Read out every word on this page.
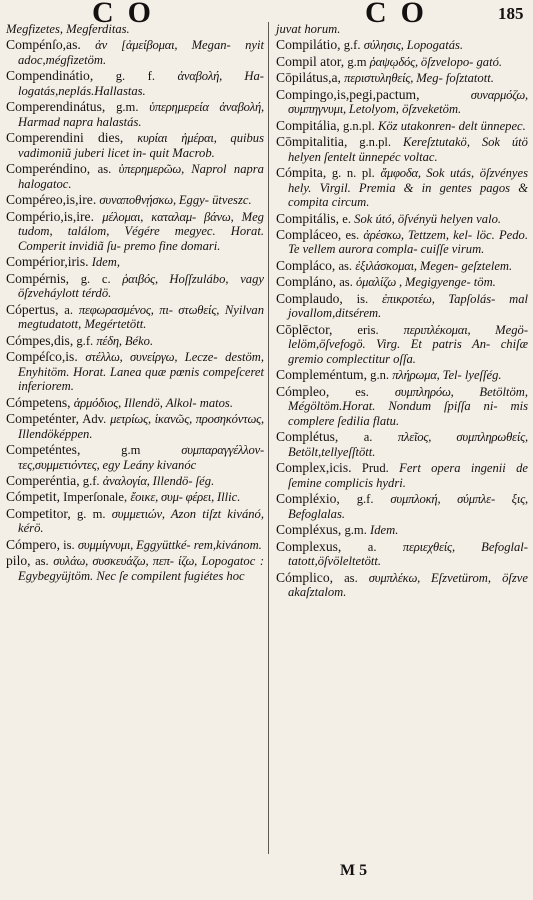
CO	CO	185
Megfizetes, Megferditas.
Compénſo,as. ἀν [ἀμείβομαι, Megan- nyit adoc,mégfizetöm.
Compendinátio, g. f. ἀναβολή, Ha- logatás,neplás.Hallastas.
Comperendinátus, g.m. ὑπερημερεία ἀναβολή, Harmad napra halastás.
Comperendini dies, κυρίαι ἡμέραι, quibus vadimoniũ juberi licet in- quit Macrob.
Comperéndino, as. ὑπερημερῶω, Naprol napra halogatoc.
Compéreo,is,ire. συναποθνῄσκω, Eggy- ütveszc.
Compério,is,ire. μέλομαι, καταλαμ- βάνω, Meg tudom, találom, Végére megyec. Horat. Comperit invidiã ſu- premo fine domari.
Compérior,iris. Idem,
Compérnis, g. c. ῥαιβός, Hoſſzulábo, vagy öſzveháylott térdö.
Cópertus, a. πεφωρασμένος, πι- στωθείς, Nyilvan megtudatott, Megértetött.
Cómpes,dis, g.f. πέδη, Béko.
Compéſco,is. στέλλω, συνείργω, Lecze- destöm, Enyhitöm. Horat. Lanea quæ pœnis compeſceret inferiorem.
Cómpetens, ἁρμόδιος, Illendö, Alkol- matos.
Competénter, Adv. μετρίως, ἱκανῶς, προσηκόντως, Illendöképpen.
Competéntes,	g.m	συμπαραγγέλλον- τες,συμμετιόντες, egy Leány kivanóc
Comperéntia, g.f. ἀναλογία, Illendö- ſég.
Cómpetit, Imperſonale, ἔοικε, συμ- φέρει, Illic.
Competitor, g. m. συμμετιών, Azon tiſzt kivánó, kérö.
Cómpero, is. συμμίγνυμι, Eggyüttké- rem,kivánom.
pilo, as. συλάω, συσκευάζω, πεπ- ίζω, Lopogatoc : Egybegyüjtöm. Nec ſe compilent fugiétes hoc
juvat horum.
Compilátio, g.f. σύλησις, Lopogatás.
Compil ator, g.m ῥαψῳδός, öſzvelopo- gató.
Cōpilátus,a, περιστυληθείς, Meg- foſztatott.
Compingo,is,pegi,pactum,	συναρμόζω, συμπηγνυμι, Letolyom, öſzveketöm.
Compitália, g.n.pl. Köz utakonren- delt ünnepec.
Cōmpitalitia, g.n.pl. Kereſztutakö, Sok útö helyen ſentelt ünnepéc voltac.
Cómpita, g. n. pl. ἄμφοδα, Sok utás, öſzvényes hely. Virgil. Premia & in gentes pagos & compita circum.
Compitális, e. Sok útó, öſvényü helyen valo.
Compláceo, es. ἀρέσκω, Tettzem, kel- löc. Pedo. Te vellem aurora compla- cuiſſe virum.
Compláco, as. ἐξιλάσκομαι, Megen- geſztelem.
Compláno, as. ὁμαλίζω , Megigyenge- töm.
Complaudo, is. ἐπικροτέω, Tapſolás- mal jovallom,ditsérem.
Cōplēctor, eris. περιπλέκομαι, Megö- lelöm,öſvefogö. Virg. Et patris An- chiſæ gremio complectitur oſſa.
Compleméntum, g.n. πλήρωμα, Tel- lyeſſég.
Cómpleo, es. συμπληρόω, Betöltöm, Mégöltöm.Horat. Nondum ſpiſſa ni- mis complere ſedilia flatu.
Complétus, a. πλεῖος, συμπληρωθείς, Betölt,tellyeſſtött.
Complex,icis. Prud. Fert opera ingenii de ſemine complicis hydri.
Compléxio, g.f. συμπλοκή, σύμπλε- ξις, Befoglalas.
Compléxus, g.m. Idem.
Complexus, a. περιεχθείς, Befoglal- tatott,öſvöleltetött.
Cómplico, as. συμπλέκω, Eſzvetürom, öſzve akaſztalom.
M 5
